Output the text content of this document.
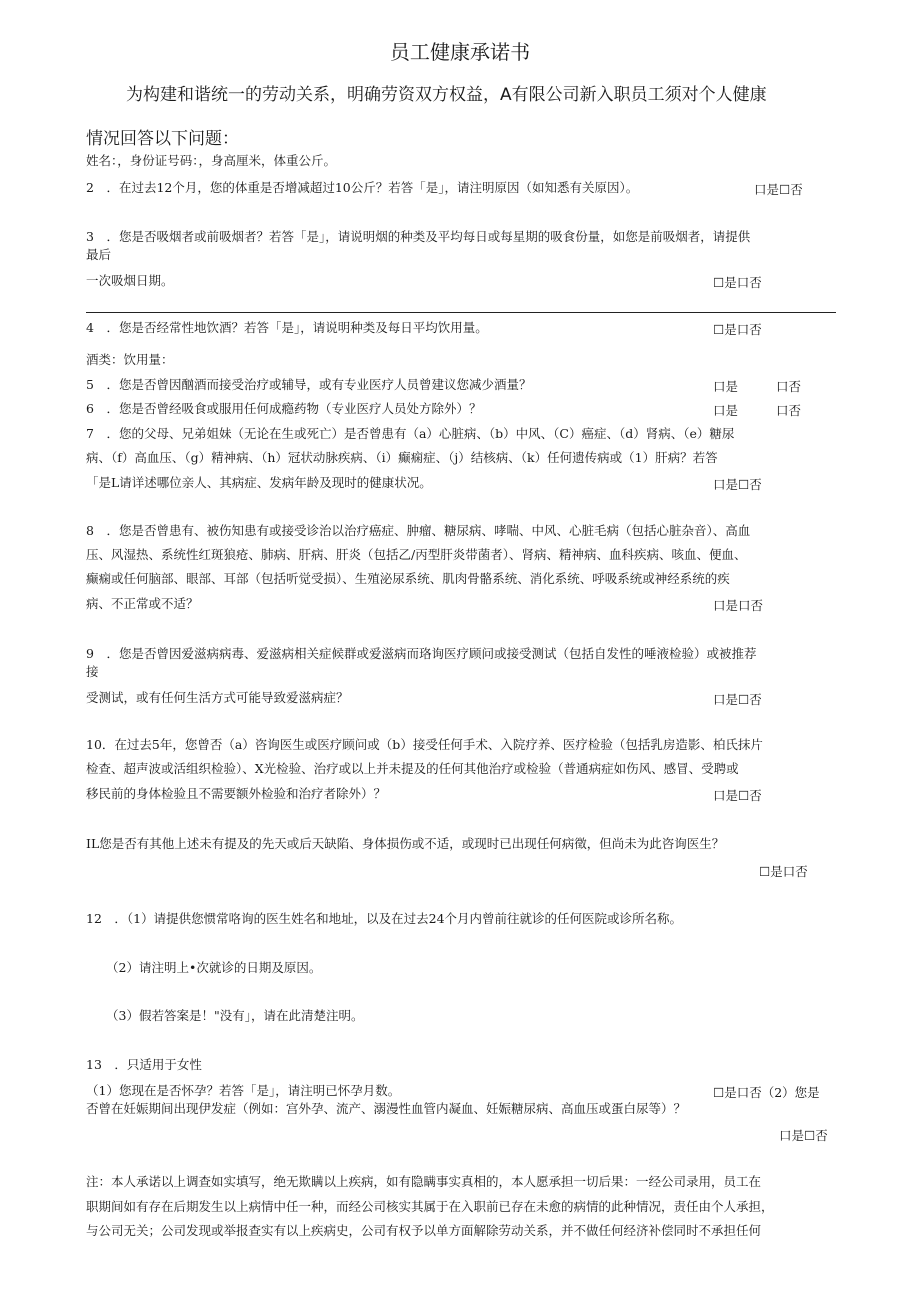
员工健康承诺书
为构建和谐统一的劳动关系，明确劳资双方权益，A有限公司新入职员工须对个人健康
情况回答以下问题：
姓名：，身份证号码：，身高厘米，体重公斤。
2　．在过去12个月，您的体重是否增减超过10公斤？若答「是」，请注明原因（如知悉有关原因）。	口是☐否
3　．您是否吸烟者或前吸烟者？若答「是」，请说明烟的种类及平均每日或每星期的吸食份量，如您是前吸烟者，请提供
最后
一次吸烟日期。	☐是口否
4　．您是否经常性地饮酒？若答「是」，请说明种类及每日平均饮用量。	☐是口否
酒类：饮用量：
5　．您是否曾因酗酒而接受治疗或辅导，或有专业医疗人员曾建议您减少酒量？	口是	口否
6　．您是否曾经吸食或服用任何成瘾药物（专业医疗人员处方除外）？	口是	口否
7　．您的父母、兄弟姐妹（无论在生或死亡）是否曾患有（a）心脏病、（b）中风、（C）癌症、（d）肾病、（e）糖尿
病、（f）高血压、（g）精神病、（h）冠状动脉疾病、（i）癫痫症、（j）结核病、（k）任何遗传病或（1）肝病？若答
「是L请详述哪位亲人、其病症、发病年龄及现时的健康状况。	口是☐否
8　．您是否曾患有、被伤知患有或接受诊治以治疗癌症、肿瘤、糖尿病、哮喘、中风、心脏毛病（包括心脏杂音）、高血
压、风湿热、系统性红斑狼疮、肺病、肝病、肝炎（包括乙/丙型肝炎带菌者）、肾病、精神病、血科疾病、咳血、便血、
癫痫或任何脑部、眼部、耳部（包括听觉受损）、生殖泌尿系统、肌肉骨骼系统、消化系统、呼吸系统或神经系统的疾
病、不正常或不适？	口是口否
9　．您是否曾因爱滋病病毒、爱滋病相关症候群或爱滋病而珞询医疗顾问或接受测试（包括自发性的唾液检验）或被推荐
接
受测试，或有任何生活方式可能导致爱滋病症？	口是☐否
10．在过去5年，您曾否（a）咨询医生或医疗顾问或（b）接受任何手术、入院疗养、医疗检验（包括乳房造影、柏氏抹片
检查、超声波或活组织检验）、X光检验、治疗或以上并未提及的任何其他治疗或检验（普通病症如伤风、感冒、受聘或
移民前的身体检验且不需要额外检验和治疗者除外）？	口是☐否
IL您是否有其他上述未有提及的先天或后天缺陷、身体损伤或不适，或现时已出现任何病徵，但尚未为此咨询医生？
☐是口否
12　．（1）请提供您惯常咯询的医生姓名和地址，以及在过去24个月内曾前往就诊的任何医院或诊所名称。
（2）请注明上•次就诊的日期及原因。
（3）假若答案是！"没有」，请在此清楚注明。
13　．只适用于女性
（1）您现在是否怀孕？若答「是」，请注明已怀孕月数。	☐是口否（2）您是
否曾在妊娠期间出现伊发症（例如：宫外孕、流产、溺漫性血管内凝血、妊娠糖尿病、高血压或蛋白尿等）？
口是☐否
注：本人承诺以上调查如实填写，绝无欺瞒以上疾病，如有隐瞒事实真相的，本人愿承担一切后果：一经公司录用，员工在
职期间如有存在后期发生以上病情中任一种，而经公司核实其属于在入职前已存在未愈的病情的此种情况，责任由个人承担，
与公司无关；公司发现或举报查实有以上疾病史，公司有权予以单方面解除劳动关系，并不做任何经济补偿同时不承担任何
